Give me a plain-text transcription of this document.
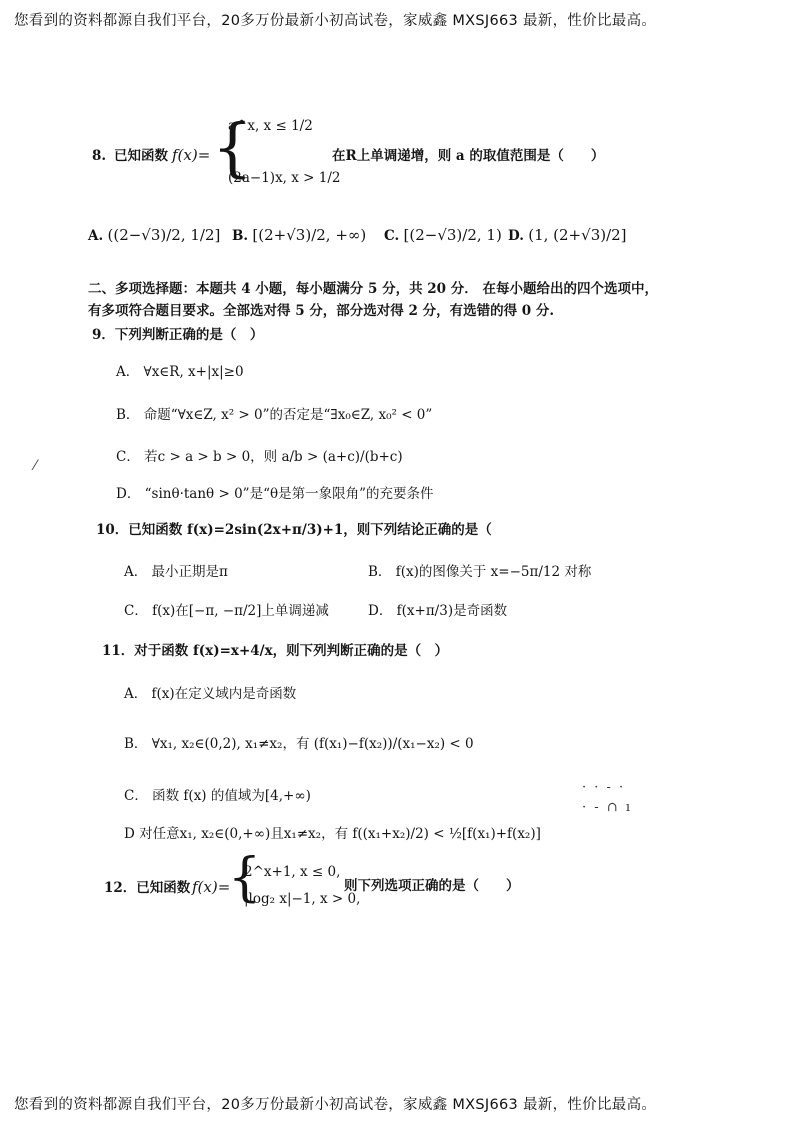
您看到的资料都源自我们平台，20多万份最新小初高试卷，家威鑫 MXSJ663 最新，性价比最高。
8. 已知函数 f(x)= {
a^x, x ≤ 1/2
(2a−1)x, x > 1/2
在R上单调递增，则 a 的取值范围是（　　）
A. ((2−√3)/2, 1/2] B. [(2+√3)/2, +∞) C. [(2−√3)/2, 1) D. (1, (2+√3)/2]
二、多项选择题：本题共 4 小题，每小题满分 5 分，共 20 分． 在每小题给出的四个选项中，
有多项符合题目要求。全部选对得 5 分，部分选对得 2 分，有选错的得 0 分.
9．下列判断正确的是（　）
A． ∀x∈R, x+|x|≥0
B． 命题“∀x∈Z, x² > 0”的否定是“∃x₀∈Z, x₀² < 0”
C． 若c > a > b > 0，则 a/b > (a+c)/(b+c)
D． “sinθ·tanθ > 0”是“θ是第一象限角”的充要条件
10．已知函数 f(x)=2sin(2x+π/3)+1，则下列结论正确的是（
A． 最小正期是π	B． f(x)的图像关于 x=−5π/12 对称
C． f(x)在[−π, −π/2]上单调递减	D． f(x+π/3)是奇函数
11．对于函数 f(x)=x+4/x，则下列判断正确的是（　）
A． f(x)在定义域内是奇函数
B． ∀x₁, x₂∈(0,2), x₁≠x₂，有 (f(x₁)−f(x₂))/(x₁−x₂) < 0
C． 函数 f(x) 的值域为[4,+∞)
D 对任意x₁, x₂∈(0,+∞)且x₁≠x₂，有 f((x₁+x₂)/2) < ½[f(x₁)+f(x₂)]
12．已知函数 f(x)=
{
2^x+1, x ≤ 0,
|log₂ x|−1, x > 0,
则下列选项正确的是（　　）
⁄
· · ‐ ·
· ‐ ∩ ı
您看到的资料都源自我们平台，20多万份最新小初高试卷，家威鑫 MXSJ663 最新，性价比最高。
